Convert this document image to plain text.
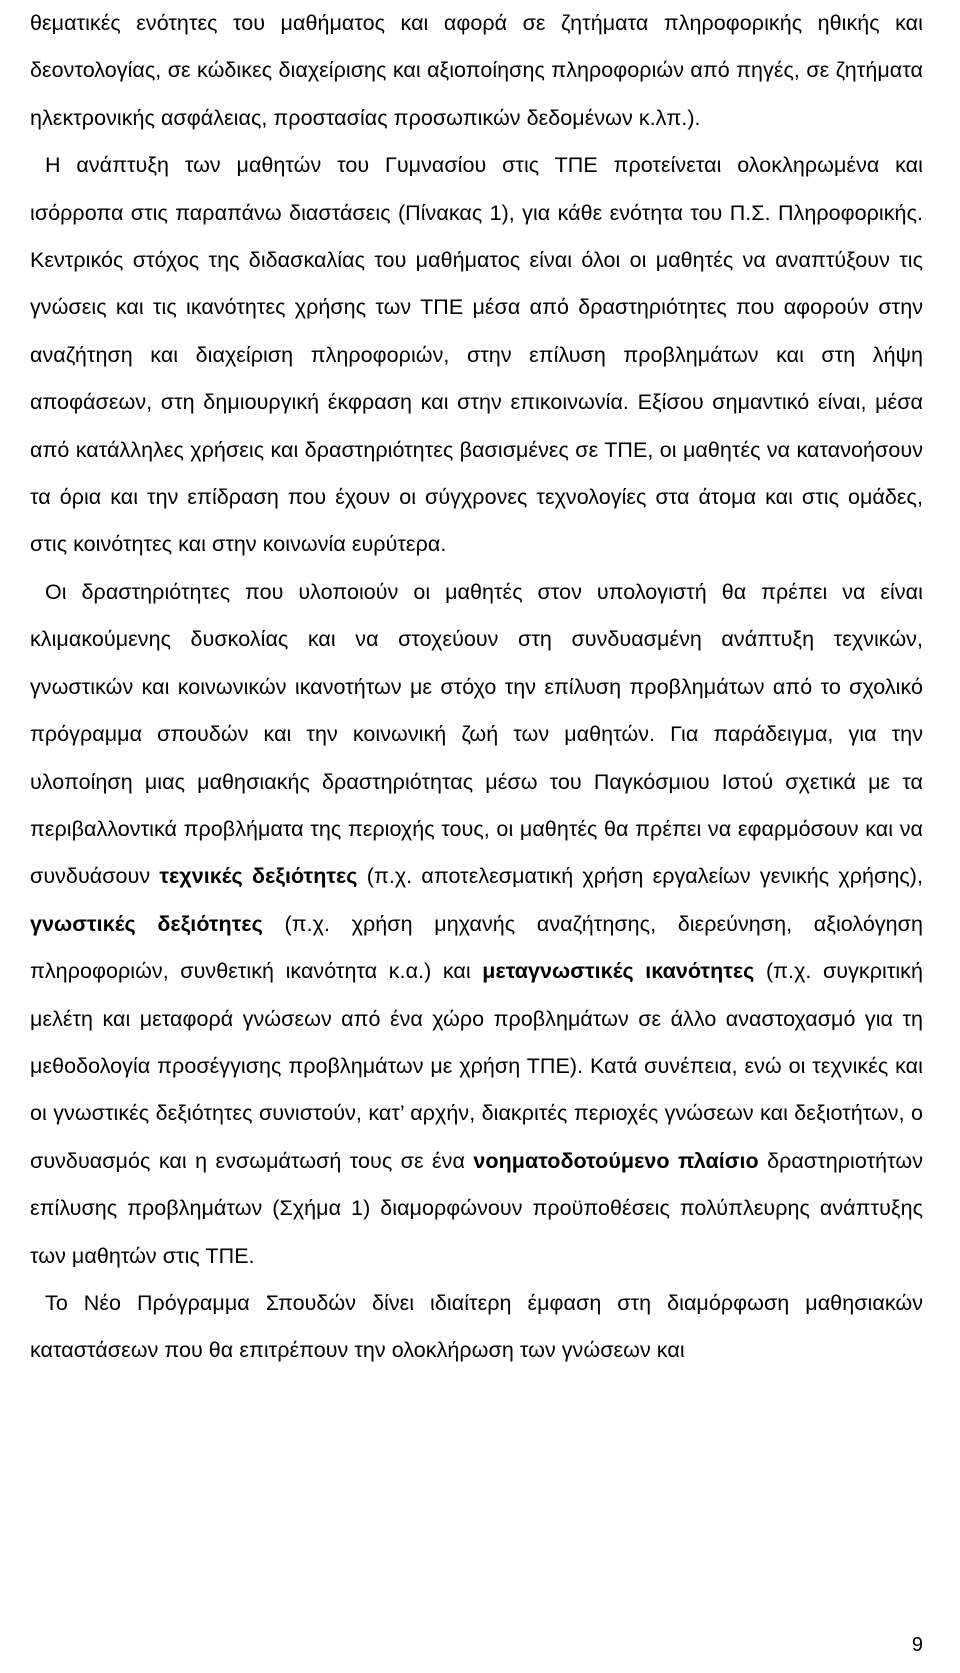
θεματικές ενότητες του μαθήματος και αφορά σε ζητήματα πληροφορικής ηθικής και δεοντολογίας, σε κώδικες διαχείρισης και αξιοποίησης πληροφοριών από πηγές, σε ζητήματα ηλεκτρονικής ασφάλειας, προστασίας προσωπικών δεδομένων κ.λπ.).

Η ανάπτυξη των μαθητών του Γυμνασίου στις ΤΠΕ προτείνεται ολοκληρωμένα και ισόρροπα στις παραπάνω διαστάσεις (Πίνακας 1), για κάθε ενότητα του Π.Σ. Πληροφορικής. Κεντρικός στόχος της διδασκαλίας του μαθήματος είναι όλοι οι μαθητές να αναπτύξουν τις γνώσεις και τις ικανότητες χρήσης των ΤΠΕ μέσα από δραστηριότητες που αφορούν στην αναζήτηση και διαχείριση πληροφοριών, στην επίλυση προβλημάτων και στη λήψη αποφάσεων, στη δημιουργική έκφραση και στην επικοινωνία. Εξίσου σημαντικό είναι, μέσα από κατάλληλες χρήσεις και δραστηριότητες βασισμένες σε ΤΠΕ, οι μαθητές να κατανοήσουν τα όρια και την επίδραση που έχουν οι σύγχρονες τεχνολογίες στα άτομα και στις ομάδες, στις κοινότητες και στην κοινωνία ευρύτερα.

Οι δραστηριότητες που υλοποιούν οι μαθητές στον υπολογιστή θα πρέπει να είναι κλιμακούμενης δυσκολίας και να στοχεύουν στη συνδυασμένη ανάπτυξη τεχνικών, γνωστικών και κοινωνικών ικανοτήτων με στόχο την επίλυση προβλημάτων από το σχολικό πρόγραμμα σπουδών και την κοινωνική ζωή των μαθητών. Για παράδειγμα, για την υλοποίηση μιας μαθησιακής δραστηριότητας μέσω του Παγκόσμιου Ιστού σχετικά με τα περιβαλλοντικά προβλήματα της περιοχής τους, οι μαθητές θα πρέπει να εφαρμόσουν και να συνδυάσουν τεχνικές δεξιότητες (π.χ. αποτελεσματική χρήση εργαλείων γενικής χρήσης), γνωστικές δεξιότητες (π.χ. χρήση μηχανής αναζήτησης, διερεύνηση, αξιολόγηση πληροφοριών, συνθετική ικανότητα κ.α.) και μεταγνωστικές ικανότητες (π.χ. συγκριτική μελέτη και μεταφορά γνώσεων από ένα χώρο προβλημάτων σε άλλο αναστοχασμό για τη μεθοδολογία προσέγγισης προβλημάτων με χρήση ΤΠΕ). Κατά συνέπεια, ενώ οι τεχνικές και οι γνωστικές δεξιότητες συνιστούν, κατ’ αρχήν, διακριτές περιοχές γνώσεων και δεξιοτήτων, ο συνδυασμός και η ενσωμάτωσή τους σε ένα νοηματοδοτούμενο πλαίσιο δραστηριοτήτων επίλυσης προβλημάτων (Σχήμα 1) διαμορφώνουν προϋποθέσεις πολύπλευρης ανάπτυξης των μαθητών στις ΤΠΕ.

Το Νέο Πρόγραμμα Σπουδών δίνει ιδιαίτερη έμφαση στη διαμόρφωση μαθησιακών καταστάσεων που θα επιτρέπουν την ολοκλήρωση των γνώσεων και

9
